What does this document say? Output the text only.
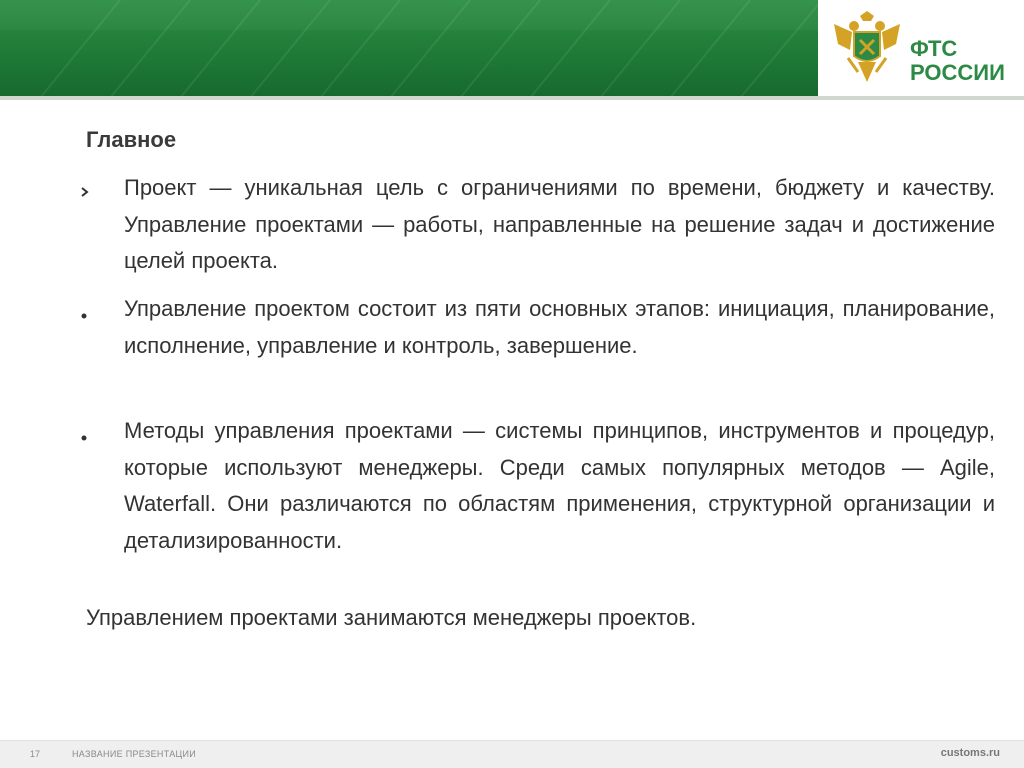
ФТС
РОССИИ
Главное
Проект — уникальная цель с ограничениями по времени, бюджету и качеству. Управление проектами — работы, направленные на решение задач и достижение целей проекта.
Управление проектом состоит из пяти основных этапов: инициация, планирование, исполнение, управление и контроль, завершение.
Методы управления проектами — системы принципов, инструментов и процедур, которые используют менеджеры. Среди самых популярных методов — Agile, Waterfall. Они различаются по областям применения, структурной организации и детализированности.
Управлением проектами занимаются менеджеры проектов.
17	НАЗВАНИЕ ПРЕЗЕНТАЦИИ	customs.ru
